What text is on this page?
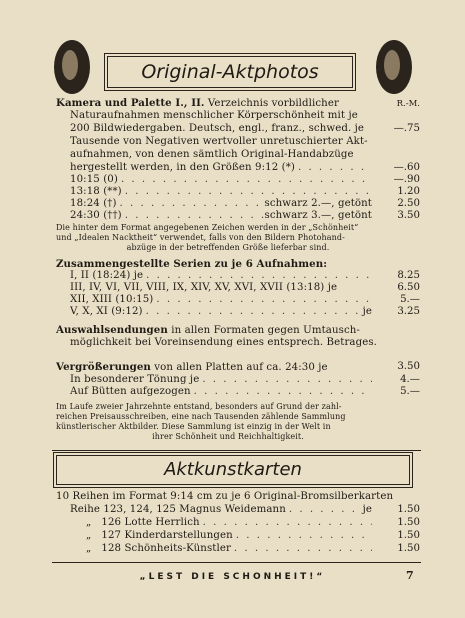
Original-Aktphotos
Kamera und Palette I., II. Verzeichnis vorbildlicher	R.-M.
Naturaufnahmen menschlicher Körperschönheit mit je
200 Bildwiedergaben. Deutsch, engl., franz., schwed. je	—.75
Tausende von Negativen wertvoller unretuschierter Akt-
aufnahmen, von denen sämtlich Original-Handabzüge
hergestellt werden, in den Größen 9:12 (*) . . .	—.60
10:15 (0) . . .	—.90
13:18 (**) . . .	1.20
18:24 (†) . . .	schwarz 2.—, getönt	2.50
24:30 (††) . . .	schwarz 3.—, getönt	3.50
Die hinter dem Format angegebenen Zeichen werden in der „Schönheit“
und „Idealen Nacktheit“ verwendet, falls von den Bildern Photohand-
abzüge in der betreffenden Größe lieferbar sind.
Zusammengestellte Serien zu je 6 Aufnahmen:
I, II (18:24) je . . .	8.25
III, IV, VI, VII, VIII, IX, XIV, XV, XVI, XVII (13:18) je	6.50
XII, XIII (10:15) . . .	5.—
V, X, XI (9:12) . . .	je	3.25
Auswahlsendungen in allen Formaten gegen Umtausch-
möglichkeit bei Voreinsendung eines entsprech. Betrages.
Vergrößerungen von allen Platten auf ca. 24:30 je	3.50
In besonderer Tönung je . . .	4.—
Auf Bütten aufgezogen . . .	5.—
Im Laufe zweier Jahrzehnte entstand, besonders auf Grund der zahl-
reichen Preisausschreiben, eine nach Tausenden zählende Sammlung
künstlerischer Aktbilder. Diese Sammlung ist einzig in der Welt in
ihrer Schönheit und Reichhaltigkeit.
Aktkunstkarten
10 Reihen im Format 9:14 cm zu je 6 Original-Bromsilberkarten
Reihe 123, 124, 125 Magnus Weidemann . . .	je	1.50
„   126 Lotte Herrlich . . .	1.50
„   127 Kinderdarstellungen . . .	1.50
„   128 Schönheits-Künstler . . .	1.50
„LEST DIE SCHONHEIT!“	7
